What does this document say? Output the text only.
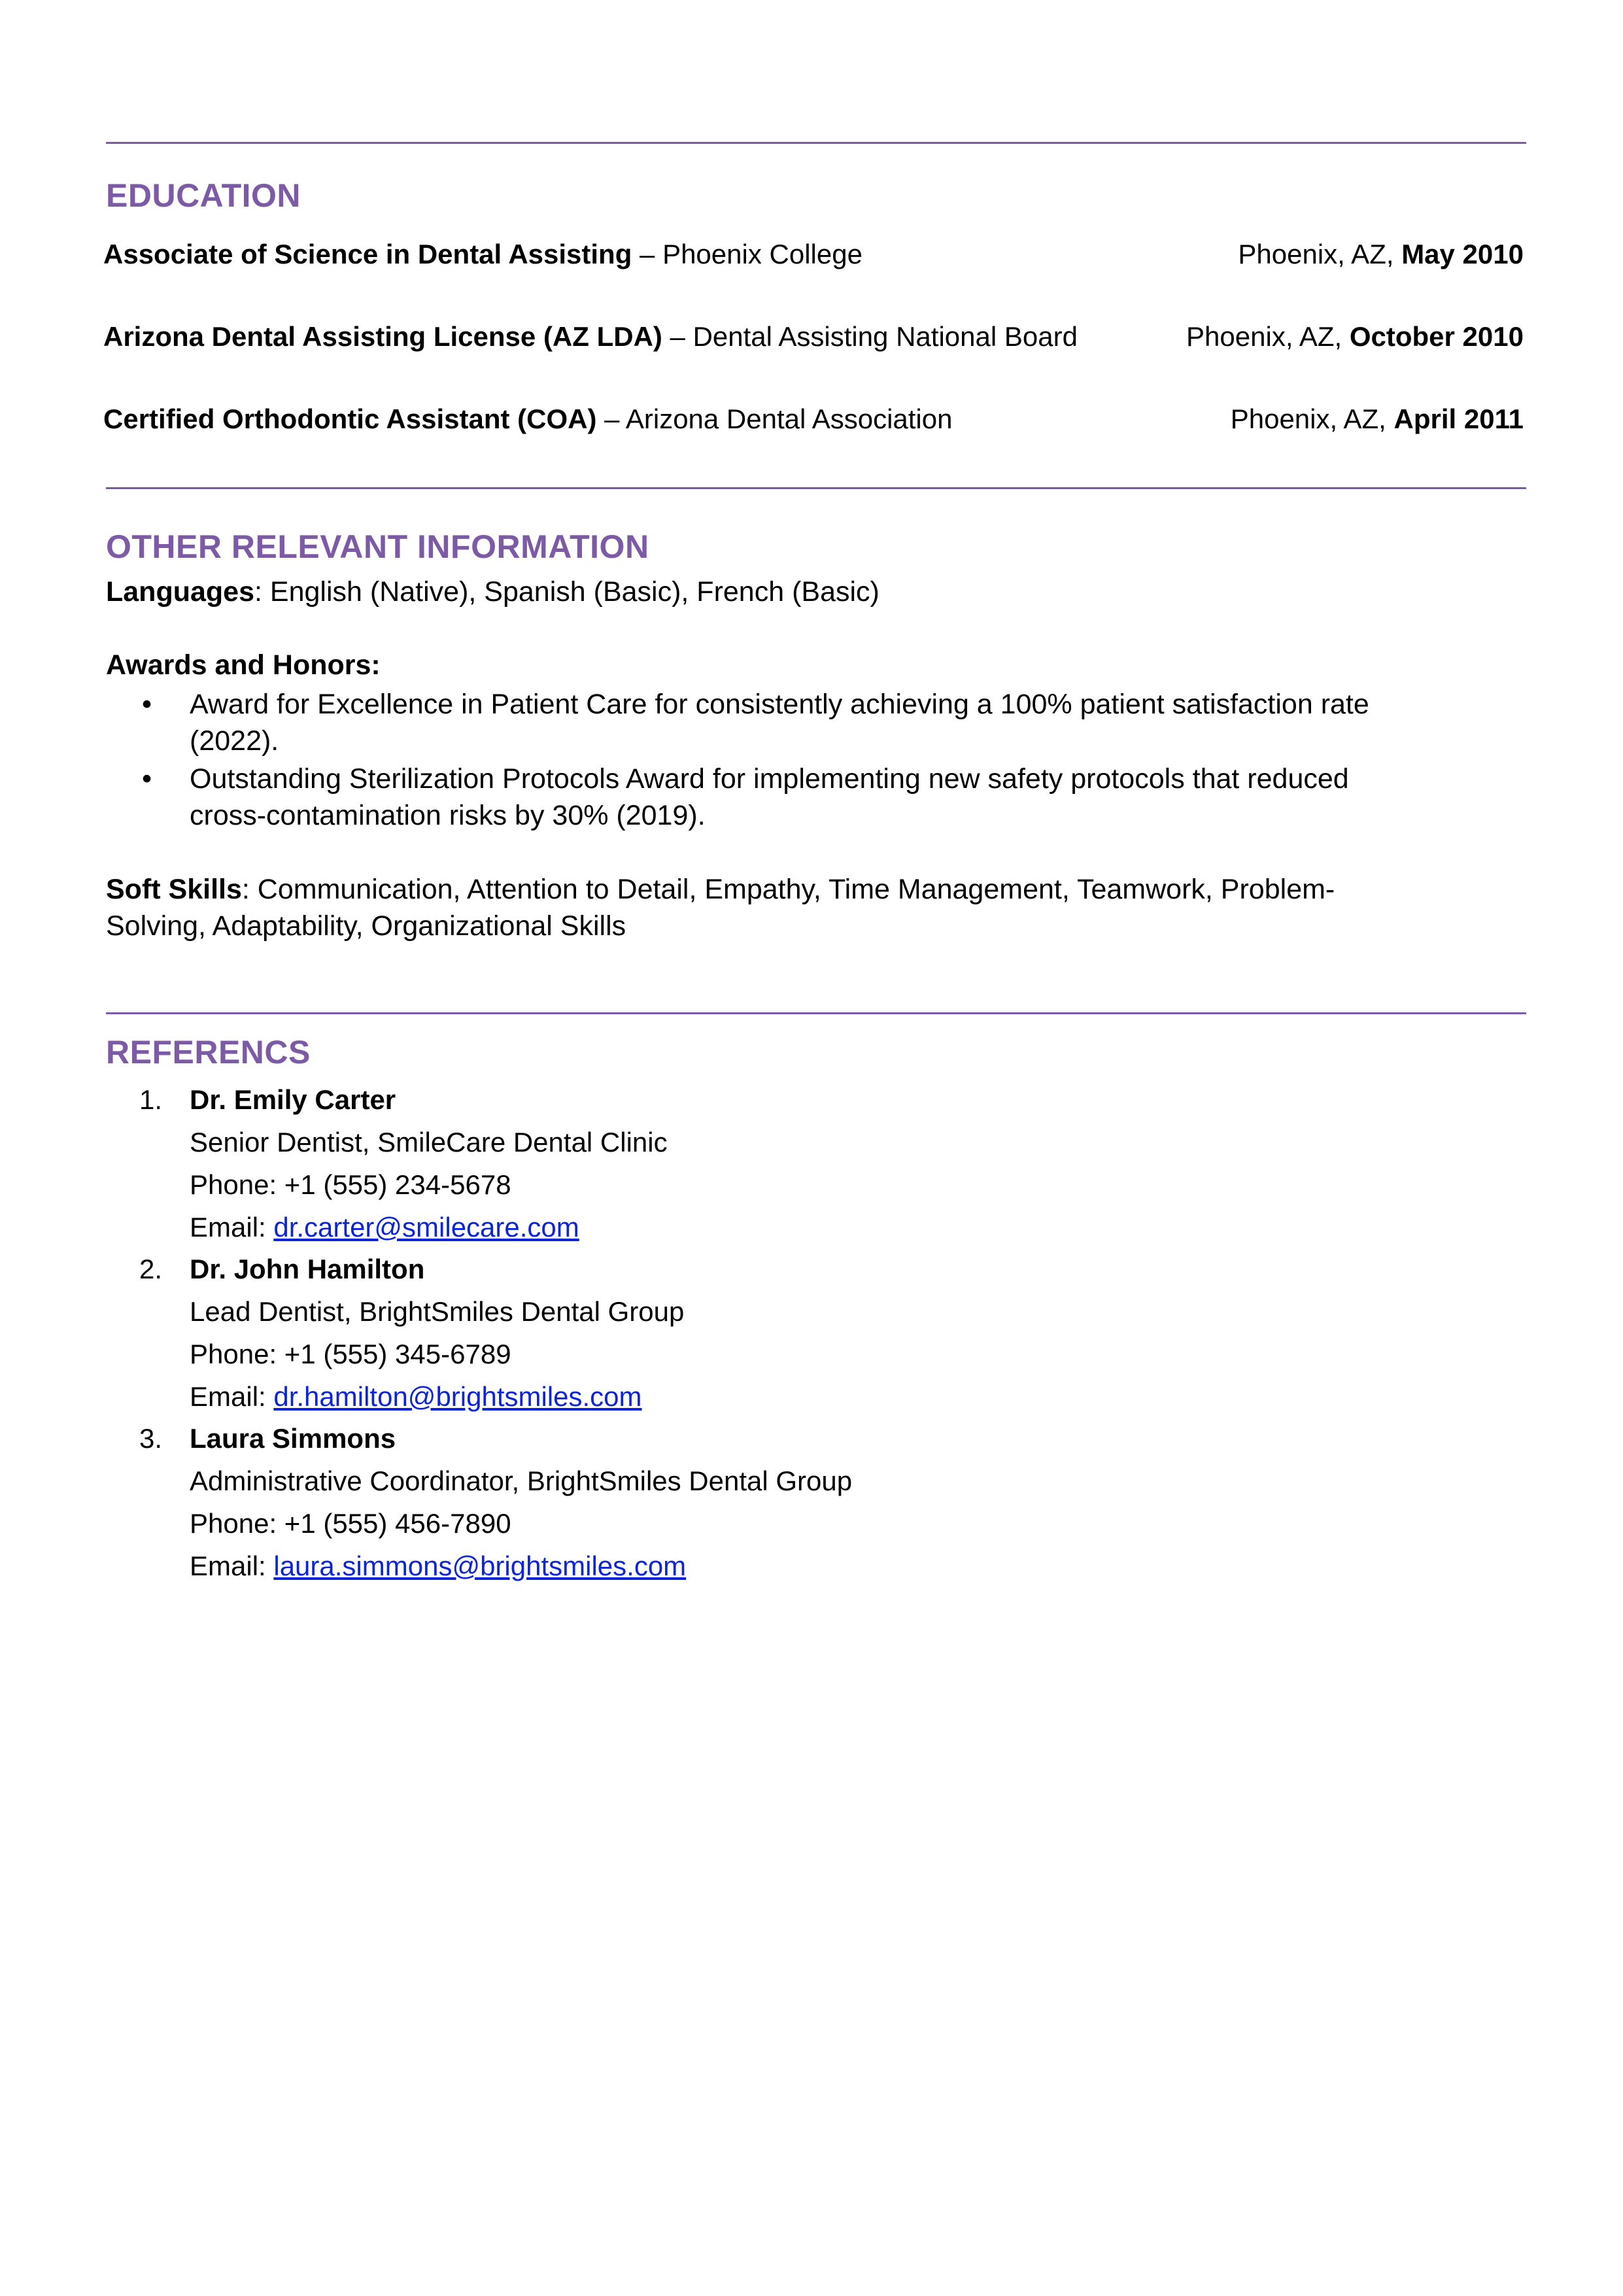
EDUCATION
Associate of Science in Dental Assisting – Phoenix College	Phoenix, AZ, May 2010
Arizona Dental Assisting License (AZ LDA) – Dental Assisting National Board	Phoenix, AZ, October 2010
Certified Orthodontic Assistant (COA) – Arizona Dental Association	Phoenix, AZ, April 2011
OTHER RELEVANT INFORMATION
Languages: English (Native), Spanish (Basic), French (Basic)
Awards and Honors:
• Award for Excellence in Patient Care for consistently achieving a 100% patient satisfaction rate
(2022).
• Outstanding Sterilization Protocols Award for implementing new safety protocols that reduced
cross-contamination risks by 30% (2019).
Soft Skills: Communication, Attention to Detail, Empathy, Time Management, Teamwork, Problem-
Solving, Adaptability, Organizational Skills
REFERENCS
1. Dr. Emily Carter
Senior Dentist, SmileCare Dental Clinic
Phone: +1 (555) 234-5678
Email: dr.carter@smilecare.com
2. Dr. John Hamilton
Lead Dentist, BrightSmiles Dental Group
Phone: +1 (555) 345-6789
Email: dr.hamilton@brightsmiles.com
3. Laura Simmons
Administrative Coordinator, BrightSmiles Dental Group
Phone: +1 (555) 456-7890
Email: laura.simmons@brightsmiles.com
